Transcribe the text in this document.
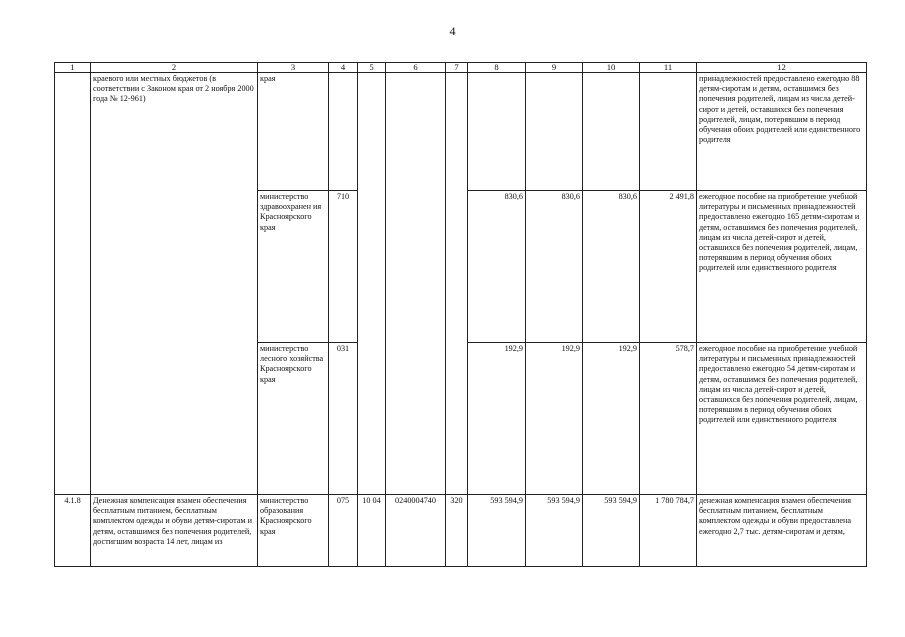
4
1	2	3	4	5	6	7	8	9	10	11	12
	краевого или местных бюджетов (в соответствии с Законом края от 2 ноября 2000 года № 12-961)	края									принадлежностей предоставлено ежегодно 88 детям-сиротам и детям, оставшимся без попечения родителей, лицам из числа детей-сирот и детей, оставшихся без попечения родителей, лицам, потерявшим в период обучения обоих родителей или единственного родителя
		министерство здравоохранен ия Красноярского края	710				830,6	830,6	830,6	2 491,8	ежегодное пособие на приобретение учебной литературы и письменных принадлежностей предоставлено ежегодно 165 детям-сиротам и детям, оставшимся без попечения родителей, лицам из числа детей-сирот и детей, оставшихся без попечения родителей, лицам, потерявшим в период обучения обоих родителей или единственного родителя
		министерство лесного хозяйства Красноярского края	031				192,9	192,9	192,9	578,7	ежегодное пособие на приобретение учебной литературы и письменных принадлежностей предоставлено ежегодно 54 детям-сиротам и детям, оставшимся без попечения родителей, лицам из числа детей-сирот и детей, оставшихся без попечения родителей, лицам, потерявшим в период обучения обоих родителей или единственного родителя
4.1.8	Денежная компенсация взамен обеспечения бесплатным питанием, бесплатным комплектом одежды и обуви детям-сиротам и детям, оставшимся без попечения родителей, достигшим возраста 14 лет, лицам из	министерство образования Красноярского края	075	10 04	0240004740	320	593 594,9	593 594,9	593 594,9	1 780 784,7	денежная компенсация взамен обеспечения бесплатным питанием, бесплатным комплектом одежды и обуви предоставлена ежегодно 2,7 тыс. детям-сиротам и детям,
